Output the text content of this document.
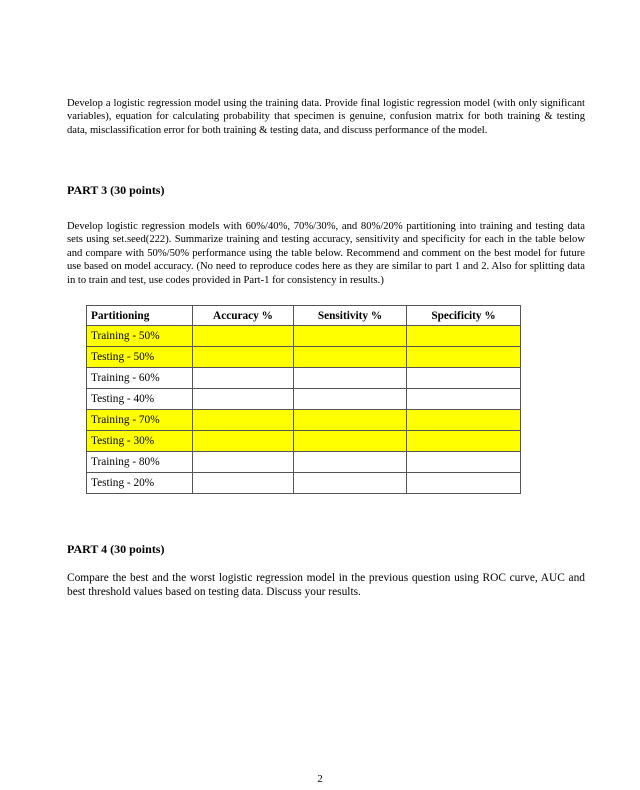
Develop a logistic regression model using the training data. Provide final logistic regression model (with only significant variables), equation for calculating probability that specimen is genuine, confusion matrix for both training & testing data, misclassification error for both training & testing data, and discuss performance of the model.

PART 3 (30 points)

Develop logistic regression models with 60%/40%, 70%/30%, and 80%/20% partitioning into training and testing data sets using set.seed(222). Summarize training and testing accuracy, sensitivity and specificity for each in the table below and compare with 50%/50% performance using the table below. Recommend and comment on the best model for future use based on model accuracy. (No need to reproduce codes here as they are similar to part 1 and 2. Also for splitting data in to train and test, use codes provided in Part-1 for consistency in results.)

Partitioning	Accuracy %	Sensitivity %	Specificity %
Training - 50%			
Testing - 50%			
Training - 60%			
Testing - 40%			
Training - 70%			
Testing - 30%			
Training - 80%			
Testing - 20%			
PART 4 (30 points)

Compare the best and the worst logistic regression model in the previous question using ROC curve, AUC and best threshold values based on testing data. Discuss your results.

2
